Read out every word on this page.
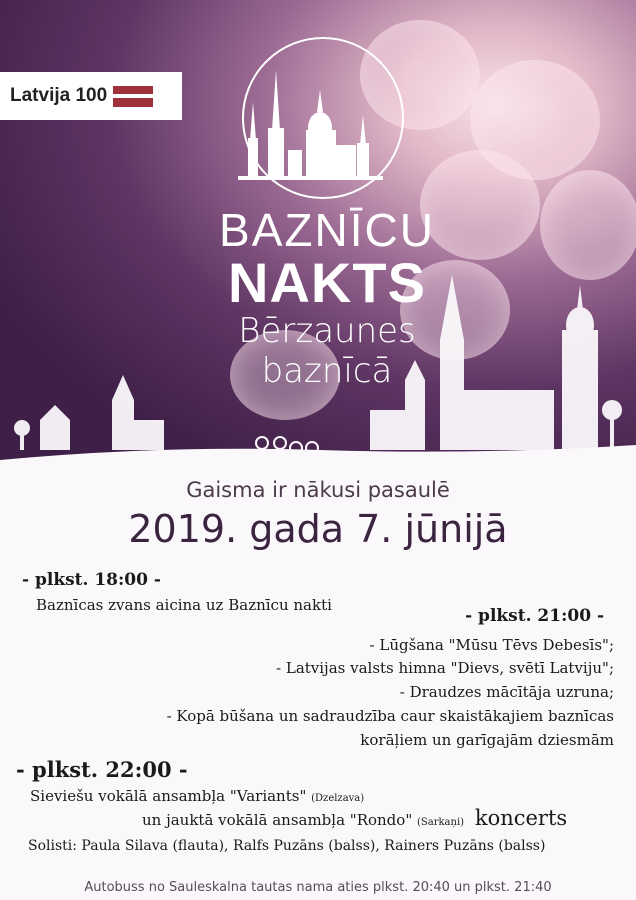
Latvija 100
BAZNĪCU
NAKTS
Bērzaunes
baznīcā
Gaisma ir nākusi pasaulē
2019. gada 7. jūnijā
- plkst. 18:00 -
Baznīcas zvans aicina uz Baznīcu nakti
- plkst. 21:00 -
- Lūgšana "Mūsu Tēvs Debesīs";
- Latvijas valsts himna "Dievs, svētī Latviju";
- Draudzes mācītāja uzruna;
- Kopā būšana un sadraudzība caur skaistākajiem baznīcas
korāļiem un garīgajām dziesmām
- plkst. 22:00 -
Sieviešu vokālā ansambļa "Variants" (Dzelzava)
un jauktā vokālā ansambļa "Rondo" (Sarkaņi) koncerts
Solisti: Paula Silava (flauta), Ralfs Puzāns (balss), Rainers Puzāns (balss)
Autobuss no Sauleskalna tautas nama aties plkst. 20:40 un plkst. 21:40
